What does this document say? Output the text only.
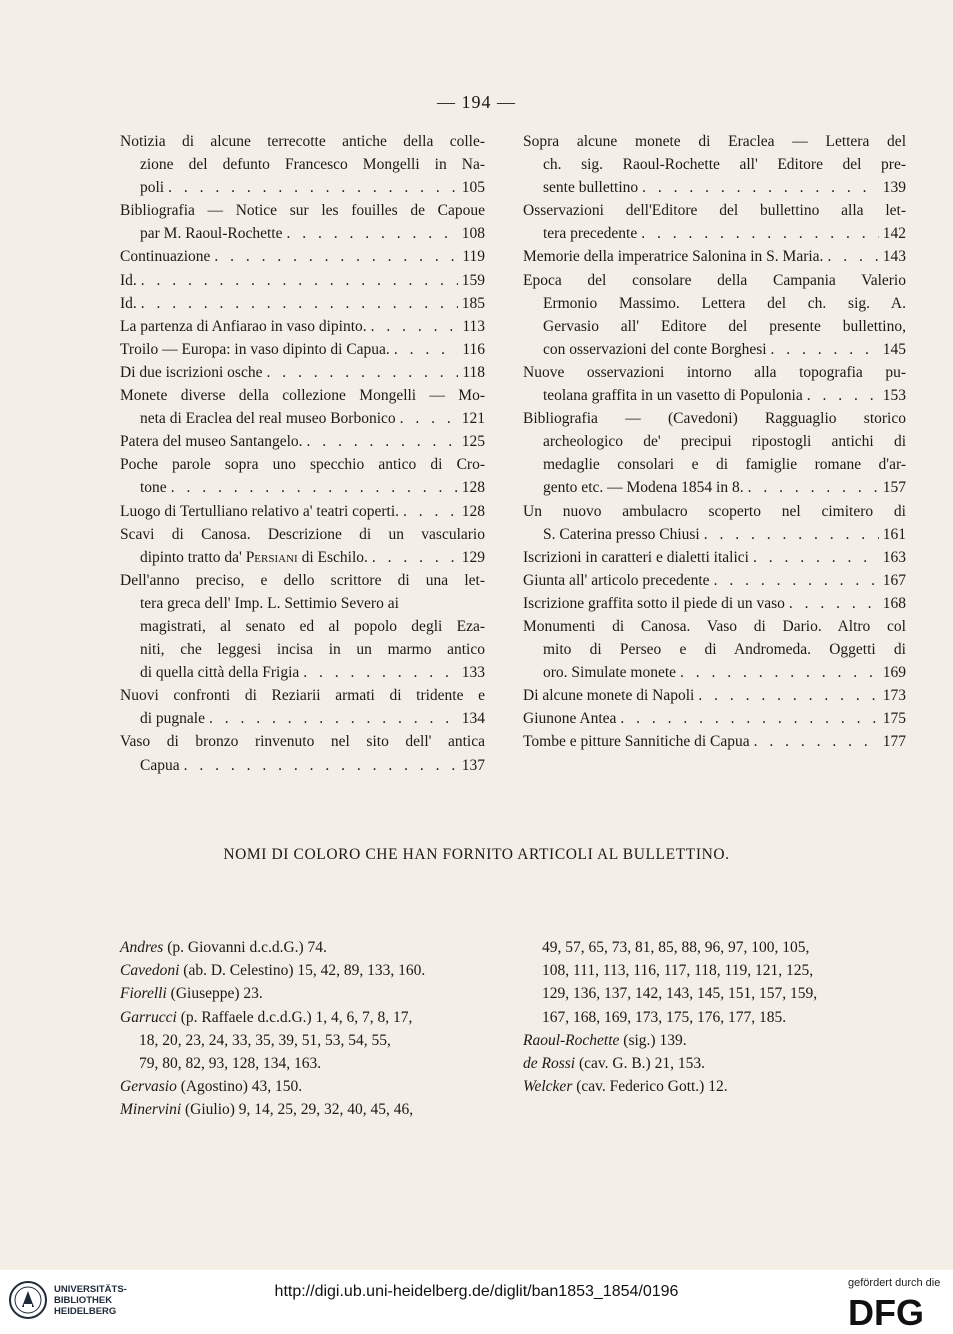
— 194 —
Notizia di alcune terrecotte antiche della colle-
zione del defunto Francesco Mongelli in Na-
poli . . .	105
Bibliografia — Notice sur les fouilles de Capoue
par M. Raoul-Rochette . . .	108
Continuazione . . .	119
Id. . . .	159
Id. . . .	185
La partenza di Anfiarao in vaso dipinto. . . .	113
Troilo — Europa: in vaso dipinto di Capua. . . .	116
Di due iscrizioni osche . . .	118
Monete diverse della collezione Mongelli — Mo-
neta di Eraclea del real museo Borbonico . . .	121
Patera del museo Santangelo. . . .	125
Poche parole sopra uno specchio antico di Cro-
tone . . .	128
Luogo di Tertulliano relativo a' teatri coperti. . . .	128
Scavi di Canosa. Descrizione di un vasculario
dipinto tratto da' Persiani di Eschilo. . . .	129
Dell'anno preciso, e dello scrittore di una let-
tera greca dell' Imp. L. Settimio Severo ai
magistrati, al senato ed al popolo degli Eza-
niti, che leggesi incisa in un marmo antico
di quella città della Frigia . . .	133
Nuovi confronti di Reziarii armati di tridente e
di pugnale . . .	134
Vaso di bronzo rinvenuto nel sito dell' antica
Capua . . .	137
Sopra alcune monete di Eraclea — Lettera del
ch. sig. Raoul-Rochette all' Editore del pre-
sente bullettino . . .	139
Osservazioni dell'Editore del bullettino alla let-
tera precedente . . .	142
Memorie della imperatrice Salonina in S. Maria. . . .	143
Epoca del consolare della Campania Valerio
Ermonio Massimo. Lettera del ch. sig. A.
Gervasio all' Editore del presente bullettino,
con osservazioni del conte Borghesi . . .	145
Nuove osservazioni intorno alla topografia pu-
teolana graffita in un vasetto di Populonia . . .	153
Bibliografia — (Cavedoni) Ragguaglio storico
archeologico de' precipui ripostogli antichi di
medaglie consolari e di famiglie romane d'ar-
gento etc. — Modena 1854 in 8. . . .	157
Un nuovo ambulacro scoperto nel cimitero di
S. Caterina presso Chiusi . . .	161
Iscrizioni in caratteri e dialetti italici . . .	163
Giunta all' articolo precedente . . .	167
Iscrizione graffita sotto il piede di un vaso . . .	168
Monumenti di Canosa. Vaso di Dario. Altro col
mito di Perseo e di Andromeda. Oggetti di
oro. Simulate monete . . .	169
Di alcune monete di Napoli . . .	173
Giunone Antea . . .	175
Tombe e pitture Sannitiche di Capua . . .	177
NOMI DI COLORO CHE HAN FORNITO ARTICOLI AL BULLETTINO.
Andres (p. Giovanni d.c.d.G.) 74.
Cavedoni (ab. D. Celestino) 15, 42, 89, 133, 160.
Fiorelli (Giuseppe) 23.
Garrucci (p. Raffaele d.c.d.G.) 1, 4, 6, 7, 8, 17,
18, 20, 23, 24, 33, 35, 39, 51, 53, 54, 55,
79, 80, 82, 93, 128, 134, 163.
Gervasio (Agostino) 43, 150.
Minervini (Giulio) 9, 14, 25, 29, 32, 40, 45, 46,
49, 57, 65, 73, 81, 85, 88, 96, 97, 100, 105,
108, 111, 113, 116, 117, 118, 119, 121, 125,
129, 136, 137, 142, 143, 145, 151, 157, 159,
167, 168, 169, 173, 175, 176, 177, 185.
Raoul-Rochette (sig.) 139.
de Rossi (cav. G. B.) 21, 153.
Welcker (cav. Federico Gott.) 12.
UNIVERSITÄTS-
BIBLIOTHEK
HEIDELBERG
http://digi.ub.uni-heidelberg.de/diglit/ban1853_1854/0196	gefördert durch die
DFG
